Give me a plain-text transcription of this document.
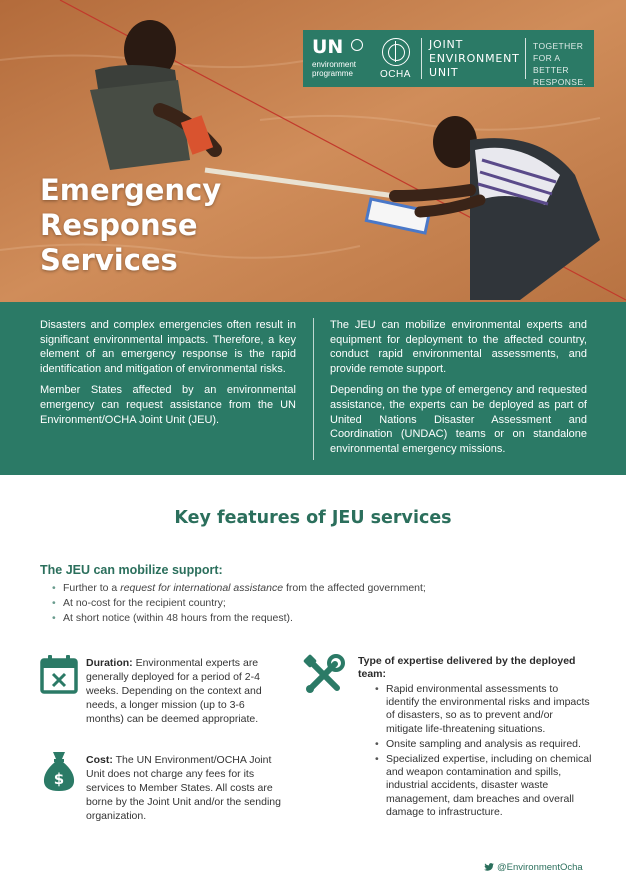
Emergency
Response
Services
UN
environment
programme	OCHA
JOINT
ENVIRONMENT
UNIT
TOGETHER
FOR A BETTER
RESPONSE.

Disasters and complex emergencies often result in significant environmental impacts. Therefore, a key element of an emergency response is the rapid identification and mitigation of environmental risks.

Member States affected by an environmental emergency can request assistance from the UN Environment/OCHA Joint Unit (JEU).

The JEU can mobilize environmental experts and equipment for deployment to the affected country, conduct rapid environmental assessments, and provide remote support.

Depending on the type of emergency and requested assistance, the experts can be deployed as part of United Nations Disaster Assessment and Coordination (UNDAC) teams or on standalone environmental emergency missions.

Key features of JEU services
The JEU can mobilize support:
• Further to a request for international assistance from the affected government;
• At no-cost for the recipient country;
• At short notice (within 48 hours from the request).
Duration: Environmental experts are generally deployed for a period of 2-4 weeks. Depending on the context and needs, a longer mission (up to 3-6 months) can be deemed appropriate.
$
Cost: The UN Environment/OCHA Joint Unit does not charge any fees for its services to Member States. All costs are borne by the Joint Unit and/or the sending organization.
Type of expertise delivered by the deployed team:
• Rapid environmental assessments to identify the environmental risks and impacts of disasters, so as to prevent and/or mitigate life-threatening situations.
• Onsite sampling and analysis as required.
• Specialized expertise, including on chemical and weapon contamination and spills, industrial accidents, disaster waste management, dam breaches and overall damage to infrastructure.
@EnvironmentOcha
